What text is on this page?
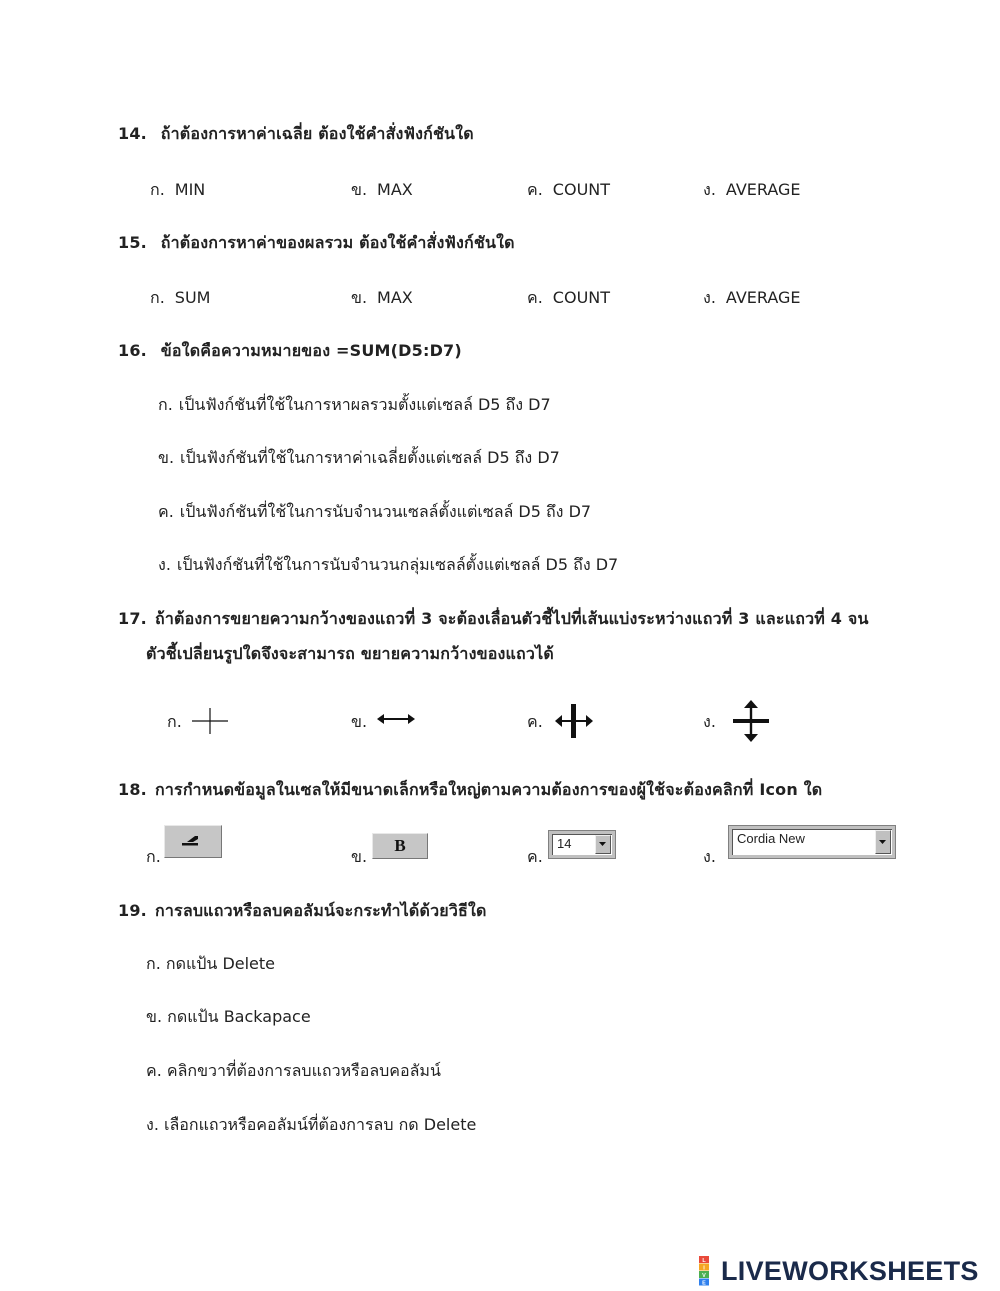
14. ถ้าต้องการหาค่าเฉลี่ย ต้องใช้คำสั่งฟังก์ชันใด
ก. MIN	ข. MAX	ค. COUNT	ง. AVERAGE
15. ถ้าต้องการหาค่าของผลรวม ต้องใช้คำสั่งฟังก์ชันใด
ก. SUM	ข. MAX	ค. COUNT	ง. AVERAGE
16. ข้อใดคือความหมายของ =SUM(D5:D7)
ก. เป็นฟังก์ชันที่ใช้ในการหาผลรวมตั้งแต่เซลล์ D5 ถึง D7
ข. เป็นฟังก์ชันที่ใช้ในการหาค่าเฉลี่ยตั้งแต่เซลล์ D5 ถึง D7
ค. เป็นฟังก์ชันที่ใช้ในการนับจำนวนเซลล์ตั้งแต่เซลล์ D5 ถึง D7
ง. เป็นฟังก์ชันที่ใช้ในการนับจำนวนกลุ่มเซลล์ตั้งแต่เซลล์ D5 ถึง D7
17. ถ้าต้องการขยายความกว้างของแถวที่ 3 จะต้องเลื่อนตัวชี้ไปที่เส้นแบ่งระหว่างแถวที่ 3 และแถวที่ 4 จน
ตัวชี้เปลี่ยนรูปใดจึงจะสามารถ ขยายความกว้างของแถวได้
ก.	ข.	ค.	ง.
18. การกำหนดข้อมูลในเซลให้มีขนาดเล็กหรือใหญ่ตามความต้องการของผู้ใช้จะต้องคลิกที่ Icon ใด
ก.	ข.
B
ค.
14
ง.
Cordia New
19. การลบแถวหรือลบคอลัมน์จะกระทำได้ด้วยวิธีใด
ก. กดแป้น Delete
ข. กดแป้น Backapace
ค. คลิกขวาที่ต้องการลบแถวหรือลบคอลัมน์
ง. เลือกแถวหรือคอลัมน์ที่ต้องการลบ กด Delete
L
I
V
E LIVEWORKSHEETS
